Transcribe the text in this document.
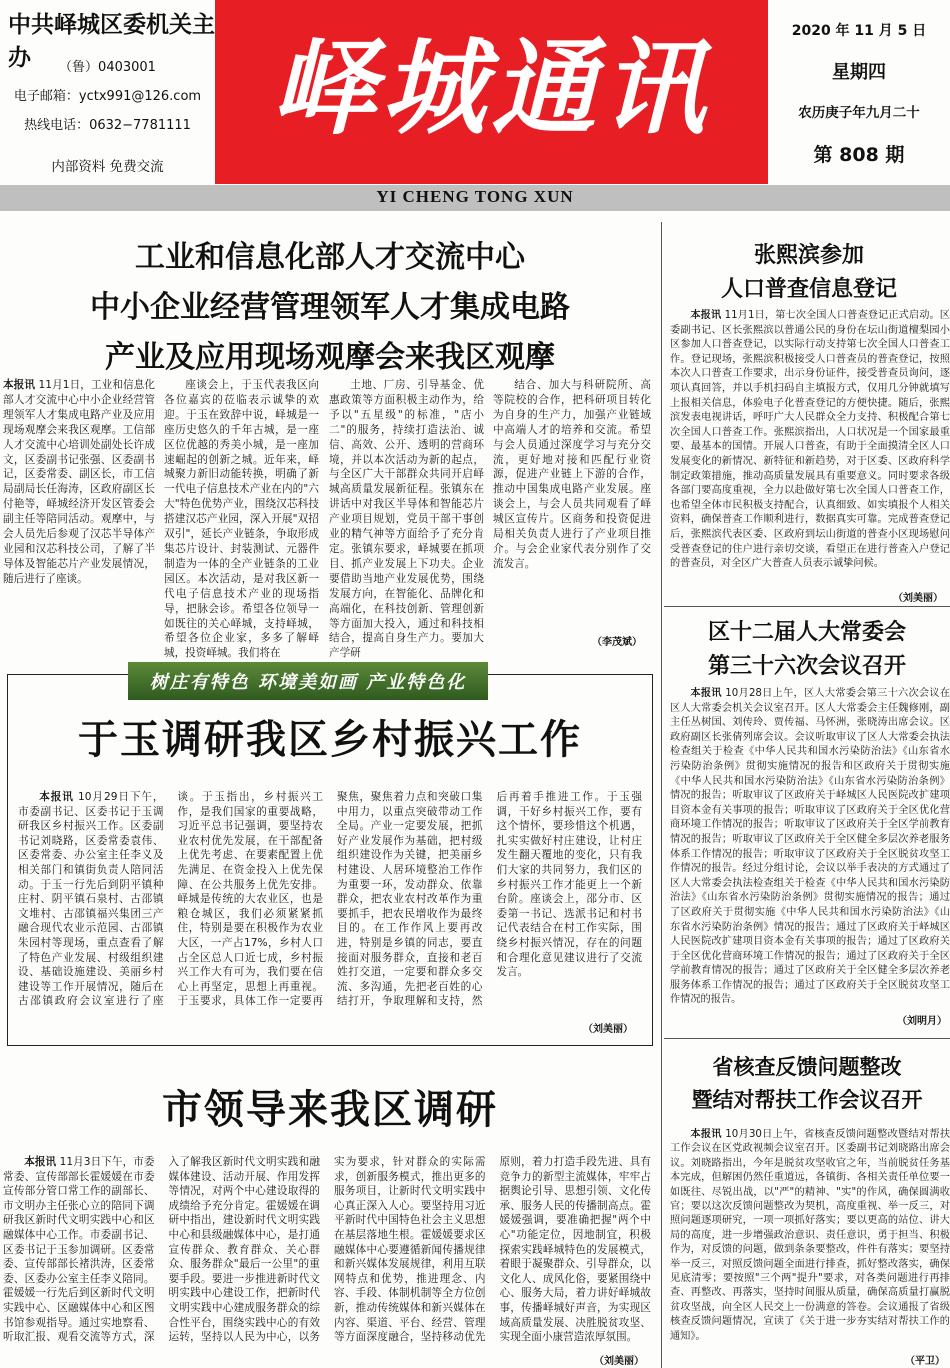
中共峄城区委机关主办	（鲁）0403001
电子邮箱：yctx991@126.com
热线电话：0632−7781111
内部资料 免费交流
峄城通讯	2020 年 11 月 5 日
星期四
农历庚子年九月二十
第 808 期
YI CHENG TONG XUN
工业和信息化部人才交流中心
中小企业经营管理领军人才集成电路
产业及应用现场观摩会来我区观摩
本报讯 11月1日，工业和信息化部人才交流中心中小企业经营管理领军人才集成电路产业及应用现场观摩会来我区观摩。工信部人才交流中心培训处副处长许成文，区委副书记张强、区委副书记，区委常委、副区长，市工信局副局长任海涛，区政府副区长付艳等，峄城经济开发区管委会副主任等陪同活动。观摩中，与会人员先后参观了汉芯半导体产业园和汉芯科技公司，了解了半导体及智能芯片产业发展情况，随后进行了座谈。

座谈会上，于玉代表我区向各位嘉宾的莅临表示诚挚的欢迎。于玉在致辞中说，峄城是一座历史悠久的千年古城，是一座区位优越的秀美小城，是一座加速崛起的创新之城。近年来，峄城聚力新旧动能转换，明确了新一代电子信息技术产业在内的"六大"特色优势产业，围绕汉芯科技搭建汉芯产业园，深入开展"双招双引"，延长产业链条，争取形成集芯片设计、封装测试、元器件制造为一体的全产业链条的工业园区。本次活动，是对我区新一代电子信息技术产业的现场指导，把脉会诊。希望各位领导一如既往的关心峄城，支持峄城，希望各位企业家，多多了解峄城，投资峄城。我们将在

土地、厂房、引导基金、优惠政策等方面积极主动作为，给予以"五星级"的标准，"店小二"的服务，持续打造法治、诚信、高效、公开、透明的营商环境，并以本次活动为新的起点，与全区广大干部群众共同开启峄城高质量发展新征程。张镇东在讲话中对我区半导体和智能芯片产业项目规划，党员干部干事创业的精气神等方面给予了充分肯定。张镇东要求，峄城要在抓项目、抓产业发展上下功夫。企业要借助当地产业发展优势，围绕发展方向，在智能化、品牌化和高端化，在科技创新、管理创新等方面加大投入，通过和科技相结合，提高自身生产力。要加大产学研

结合、加大与科研院所、高等院校的合作，把科研项目转化为自身的生产力，加强产业链域中高端人才的培养和交流。希望与会人员通过深度学习与充分交流，更好地对接和匹配行业资源，促进产业链上下游的合作，推动中国集成电路产业发展。座谈会上，与会人员共同观看了峄城区宣传片。区商务和投资促进局相关负责人进行了产业项目推介。与会企业家代表分别作了交流发言。

（李茂斌）
张熙滨参加
人口普查信息登记

本报讯 11月1日，第七次全国人口普查登记正式启动。区委副书记、区长张熙滨以普通公民的身份在坛山街道檀梨园小区参加人口普查登记，以实际行动支持第七次全国人口普查工作。登记现场，张熙滨积极接受人口普查员的普查登记，按照本次人口普查工作要求，出示身份证件，接受普查员询问，逐项认真回答，并以手机扫码自主填报方式，仅用几分钟就填写上报相关信息，体验电子化普查登记的方便快捷。随后，张熙滨发表电视讲话，呼吁广大人民群众全力支持、积极配合第七次全国人口普查工作。张熙滨指出，人口状况是一个国家最重要、最基本的国情。开展人口普查，有助于全面摸清全区人口发展变化的新情况、新特征和新趋势，对于区委、区政府科学制定政策措施，推动高质量发展具有重要意义。同时要求各级各部门要高度重视，全力以赴做好第七次全国人口普查工作，也希望全体市民积极支持配合，认真细致、如实填报个人相关资料，确保普查工作顺利进行，数据真实可靠。完成普查登记后，张熙滨代表区委、区政府到坛山街道的普查小区现场慰问受普查登记的住户进行亲切交谈，看望正在进行普查入户登记的普查员，对全区广大普查人员表示诚挚问候。

（刘美丽）
区十二届人大常委会
第三十六次会议召开

本报讯 10月28日上午，区人大常委会第三十六次会议在区人大常委会机关会议室召开。区人大常委会主任魏修刚，副主任丛树国、刘传玲、贾传福、马怀洲，张晓涛出席会议。区政府副区长张倩列席会议。会议听取审议了区人大常委会执法检查组关于检查《中华人民共和国水污染防治法》《山东省水污染防治条例》贯彻实施情况的报告和区政府关于贯彻实施《中华人民共和国水污染防治法》《山东省水污染防治条例》情况的报告；听取审议了区政府关于峄城区人民医院改扩建项目资本金有关事项的报告；听取审议了区政府关于全区优化营商环境工作情况的报告；听取审议了区政府关于全区学前教育情况的报告；听取审议了区政府关于全区健全多层次养老服务体系工作情况的报告；听取审议了区政府关于全区脱贫攻坚工作情况的报告。经过分组讨论，会议以举手表决的方式通过了区人大常委会执法检查组关于检查《中华人民共和国水污染防治法》《山东省水污染防治条例》贯彻实施情况的报告；通过了区政府关于贯彻实施《中华人民共和国水污染防治法》《山东省水污染防治条例》情况的报告；通过了区政府关于峄城区人民医院改扩建项目资本金有关事项的报告；通过了区政府关于全区优化营商环境工作情况的报告；通过了区政府关于全区学前教育情况的报告；通过了区政府关于全区健全多层次养老服务体系工作情况的报告；通过了区政府关于全区脱贫攻坚工作情况的报告。

（刘明月）
省核查反馈问题整改
暨结对帮扶工作会议召开

本报讯 10月30日上午，省核查反馈问题整改暨结对帮扶工作会议在区党政视频会议室召开。区委副书记刘晓路出席会议。刘晓路指出，今年是脱贫攻坚收官之年，当前脱贫任务基本完成，但解困仍然任重道远，各镇街、各相关责任单位要一如既往、尽锐出战，以"严"的精神、"实"的作风，确保圆满收官；要以这次反馈问题整改为契机，高度重视、举一反三，对照问题逐项研究，一项一项抓好落实；要以更高的站位、讲大局的高度，进一步增强政治意识、责任意识，勇于担当、积极作为，对反馈的问题，做到条条要整改，件件有落实；要坚持举一反三，对照反馈问题全面进行排查，抓好整改落实，确保见底清零；要按照"三个两"提升"要求，对各类问题进行再排查、再整改、再落实，坚持时间服从质量，确保高质量打赢脱贫攻坚战，向全区人民交上一份满意的答卷。会议通报了省级核查反馈问题情况，宣读了《关于进一步夯实结对帮扶工作的通知》。

（平卫）
树庄有特色 环境美如画 产业特色化
于玉调研我区乡村振兴工作

本报讯 10月29日下午，市委副书记、区委书记于玉调研我区乡村振兴工作。区委副书记刘晓路，区委常委袁伟、区委常委、办公室主任李义及相关部门和镇街负责人陪同活动。于玉一行先后到阴平镇种庄村、阴平镇石泉村、古邵镇文堆村、古邵镇福兴集团三产融合现代农业示范园、古邵镇朱园村等现场，重点查看了解了特色产业发展、村级组织建设、基础设施建设、美丽乡村建设等工作开展情况，随后在古邵镇政府会议室进行了座谈。于玉指出，乡村振兴工作，是我们国家的重要战略，习近平总书记强调，要坚持农业农村优先发展，在干部配备上优先考虑、在要素配置上优先满足、在资金投入上优先保障、在公共服务上优先安排。峄城是传统的大农业区，也是粮仓城区，我们必须紧紧抓住，特别是要在积极作为农业大区，一产占17%，乡村人口占全区总人口近七成，乡村振兴工作大有可为，我们要在信心上再坚定，思想上再重视。于玉要求，具体工作一定要再聚焦，聚焦着力点和突破口集中用力，以重点突破带动工作全局。产业一定要发展，把抓好产业发展作为基础，把村级组织建设作为关键，把美丽乡村建设、人居环境整治工作作为重要一环，发动群众、依靠群众，把农业农村改革作为重要抓手，把农民增收作为最终目的。在工作作风上要再改进，特别是乡镇的同志，要直接面对服务群众，直接和老百姓打交道，一定要和群众多交流、多沟通，先把老百姓的心结打开，争取理解和支持，然后再着手推进工作。于玉强调，干好乡村振兴工作，要有这个情怀，要珍惜这个机遇，扎实实做好村庄建设，让村庄发生翻天覆地的变化，只有我们大家的共同努力，我们区的乡村振兴工作才能更上一个新台阶。座谈会上，邵分市、区委第一书记、选派书记和村书记代表结合在村工作实际，围绕乡村振兴情况，存在的问题和合理化意见建议进行了交流发言。

（刘美丽）
市领导来我区调研

本报讯 11月3日下午，市委常委、宣传部部长霍媛媛在市委宣传部分管口常工作的副部长、市文明办主任张心立的陪同下调研我区新时代文明实践中心和区融媒体中心工作。市委副书记、区委书记于玉参加调研。区委常委、宣传部部长褚洪涛，区委常委、区委办公室主任李义陪同。霍媛媛一行先后到区新时代文明实践中心、区融媒体中心和区图书馆参观指导。通过实地察看、听取汇报、观看交流等方式，深入了解我区新时代文明实践和融媒体建设、活动开展、作用发挥等情况，对两个中心建设取得的成绩给予充分肯定。霍媛媛在调研中指出，建设新时代文明实践中心和县级融媒体中心，是打通宣传群众、教育群众、关心群众、服务群众"最后一公里"的重要手段。要进一步推进新时代文明实践中心建设工作，把新时代文明实践中心建成服务群众的综合性平台，围绕实践中心的有效运转，坚持以人民为中心，以务实为要求，针对群众的实际需求，创新服务模式，推出更多的服务项目，让新时代文明实践中心真正深入人心。要坚持用习近平新时代中国特色社会主义思想在基层落地生根。霍媛媛要求区融媒体中心要遵循新闻传播规律和新兴媒体发展规律，利用互联网特点和优势，推进理念、内容、手段、体制机制等全方位创新，推动传统媒体和新兴媒体在内容、渠道、平台、经营、管理等方面深度融合，坚持移动优先原则，着力打造手段先进、具有竞争力的新型主流媒体，牢牢占据舆论引导、思想引领、文化传承、服务人民的传播制高点。霍媛媛强调，要准确把握"两个中心"功能定位，因地制宜，积极探索实践峄城特色的发展模式，着眼于凝聚群众、引导群众，以文化人、成风化俗，要紧围绕中心、服务大局，着力讲好峄城故事，传播峄城好声音，为实现区域高质量发展、决胜脱贫攻坚、实现全面小康营造浓厚氛围。

（刘美丽）
